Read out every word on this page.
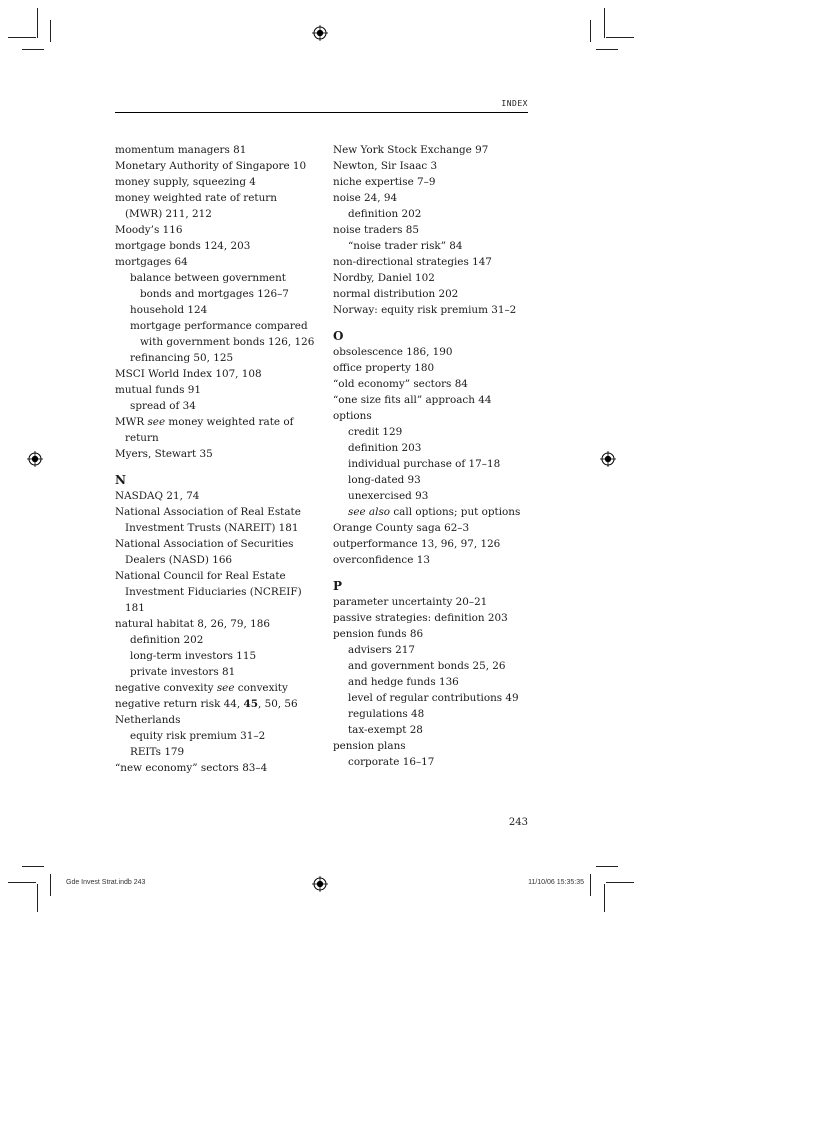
INDEX
momentum managers 81
Monetary Authority of Singapore 10
money supply, squeezing 4
money weighted rate of return
(MWR) 211, 212
Moody’s 116
mortgage bonds 124, 203
mortgages 64
balance between government
bonds and mortgages 126–7
household 124
mortgage performance compared
with government bonds 126, 126
refinancing 50, 125
MSCI World Index 107, 108
mutual funds 91
spread of 34
MWR see money weighted rate of
return
Myers, Stewart 35
N
NASDAQ 21, 74
National Association of Real Estate
Investment Trusts (NAREIT) 181
National Association of Securities
Dealers (NASD) 166
National Council for Real Estate
Investment Fiduciaries (NCREIF)
181
natural habitat 8, 26, 79, 186
definition 202
long-term investors 115
private investors 81
negative convexity see convexity
negative return risk 44, 45, 50, 56
Netherlands
equity risk premium 31–2
REITs 179
“new economy” sectors 83–4
New York Stock Exchange 97
Newton, Sir Isaac 3
niche expertise 7–9
noise 24, 94
definition 202
noise traders 85
“noise trader risk” 84
non-directional strategies 147
Nordby, Daniel 102
normal distribution 202
Norway: equity risk premium 31–2
O
obsolescence 186, 190
office property 180
“old economy” sectors 84
“one size fits all” approach 44
options
credit 129
definition 203
individual purchase of 17–18
long-dated 93
unexercised 93
see also call options; put options
Orange County saga 62–3
outperformance 13, 96, 97, 126
overconfidence 13
P
parameter uncertainty 20–21
passive strategies: definition 203
pension funds 86
advisers 217
and government bonds 25, 26
and hedge funds 136
level of regular contributions 49
regulations 48
tax-exempt 28
pension plans
corporate 16–17
243
Gde Invest Strat.indb 243	11/10/06 15:35:35
